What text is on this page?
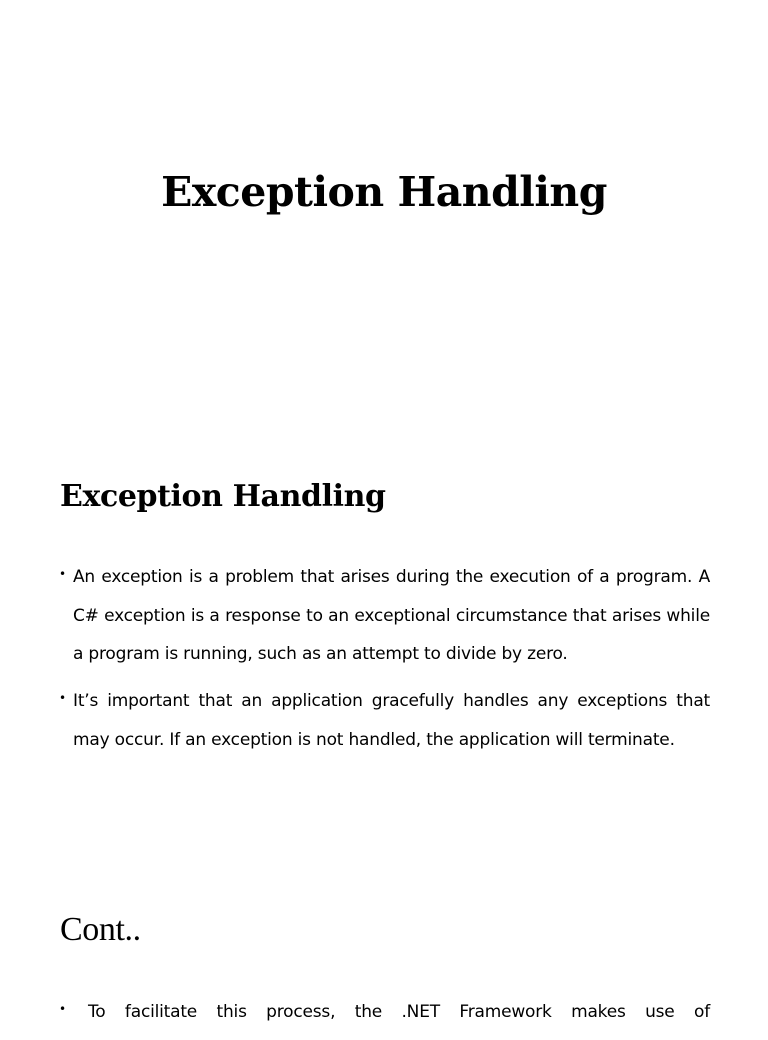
Exception Handling
Exception Handling
• An exception is a problem that arises during the execution of a program. A C# exception is a response to an exceptional circumstance that arises while a program is running, such as an attempt to divide by zero.
• It’s important that an application gracefully handles any exceptions that may occur. If an exception is not handled, the application will terminate.
Cont..
• To facilitate this process, the .NET Framework makes use of
